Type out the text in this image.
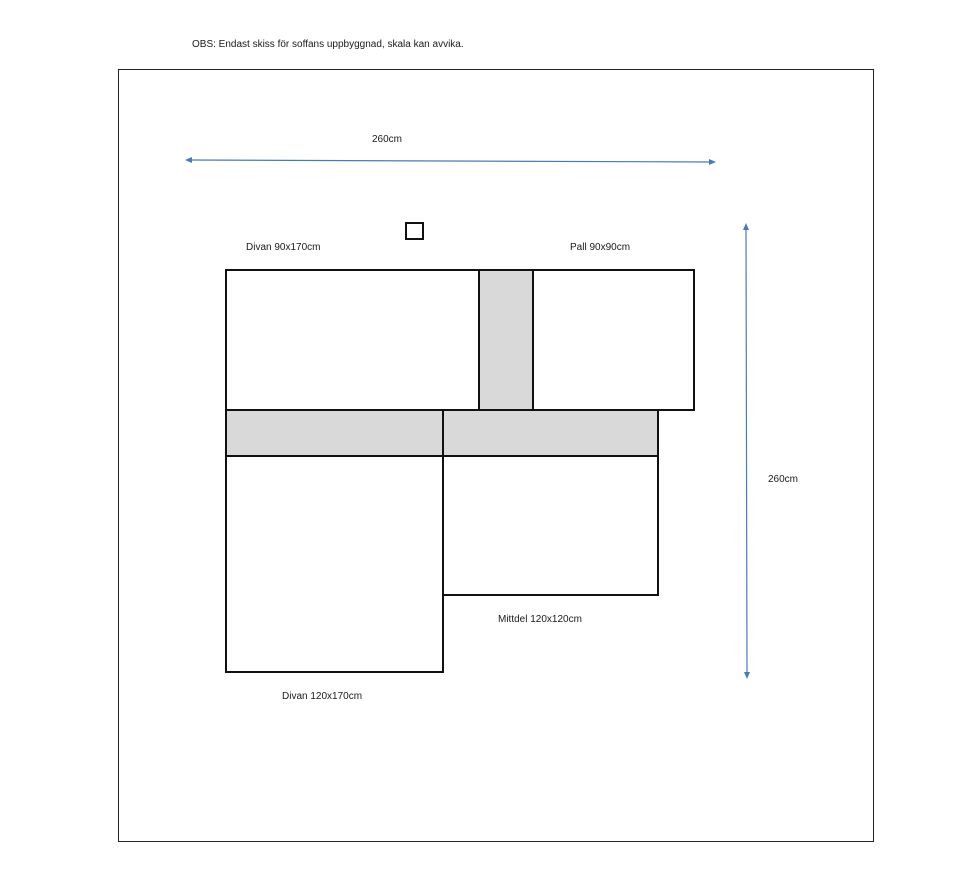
OBS: Endast skiss för soffans uppbyggnad, skala kan avvika.
260cm
260cm
Divan 90x170cm	Pall 90x90cm
Mittdel 120x120cm
Divan 120x170cm
